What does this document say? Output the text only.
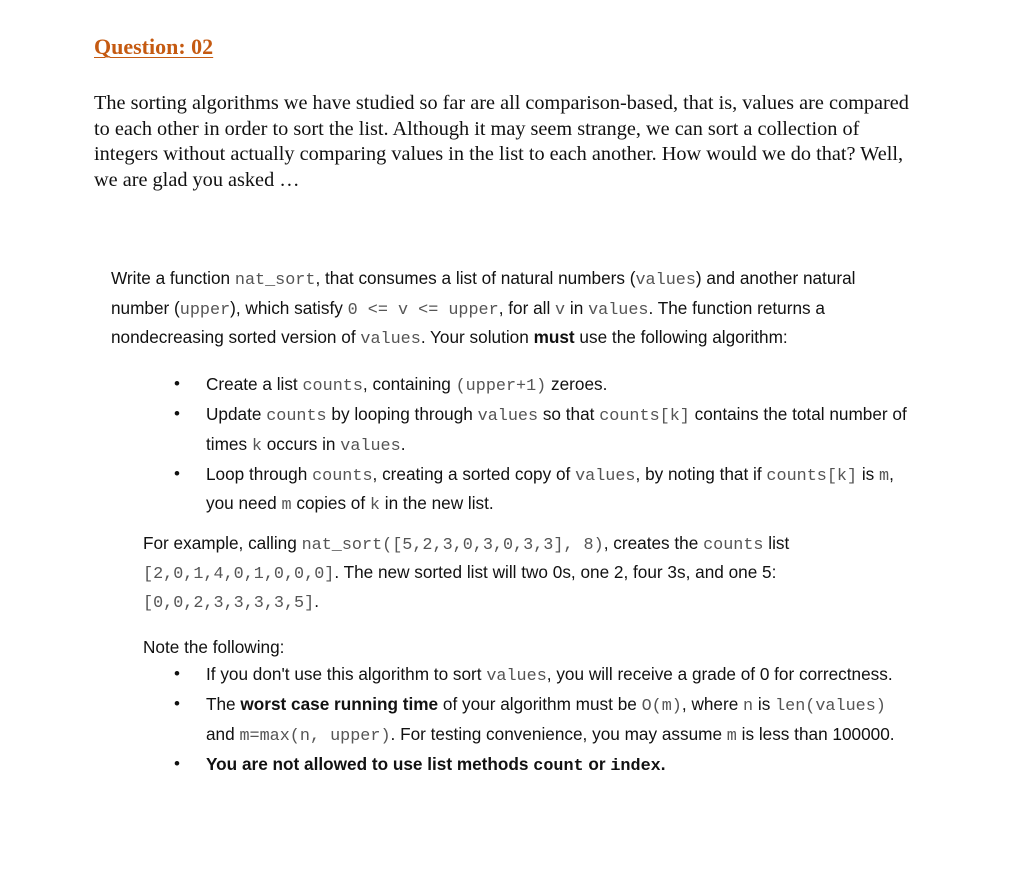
Question: 02

The sorting algorithms we have studied so far are all comparison-based, that is, values are compared to each other in order to sort the list. Although it may seem strange, we can sort a collection of integers without actually comparing values in the list to each another. How would we do that? Well, we are glad you asked …

Write a function nat_sort, that consumes a list of natural numbers (values) and another natural number (upper), which satisfy 0 <= v <= upper, for all v in values. The function returns a nondecreasing sorted version of values. Your solution must use the following algorithm:

• Create a list counts, containing (upper+1) zeroes.
• Update counts by looping through values so that counts[k] contains the total number of times k occurs in values.
• Loop through counts, creating a sorted copy of values, by noting that if counts[k] is m, you need m copies of k in the new list.

For example, calling nat_sort([5,2,3,0,3,0,3,3], 8), creates the counts list [2,0,1,4,0,1,0,0,0]. The new sorted list will two 0s, one 2, four 3s, and one 5: [0,0,2,3,3,3,3,5].

Note the following:

• If you don't use this algorithm to sort values, you will receive a grade of 0 for correctness.
• The worst case running time of your algorithm must be O(m), where n is len(values) and m=max(n, upper). For testing convenience, you may assume m is less than 100000.
• You are not allowed to use list methods count or index.
